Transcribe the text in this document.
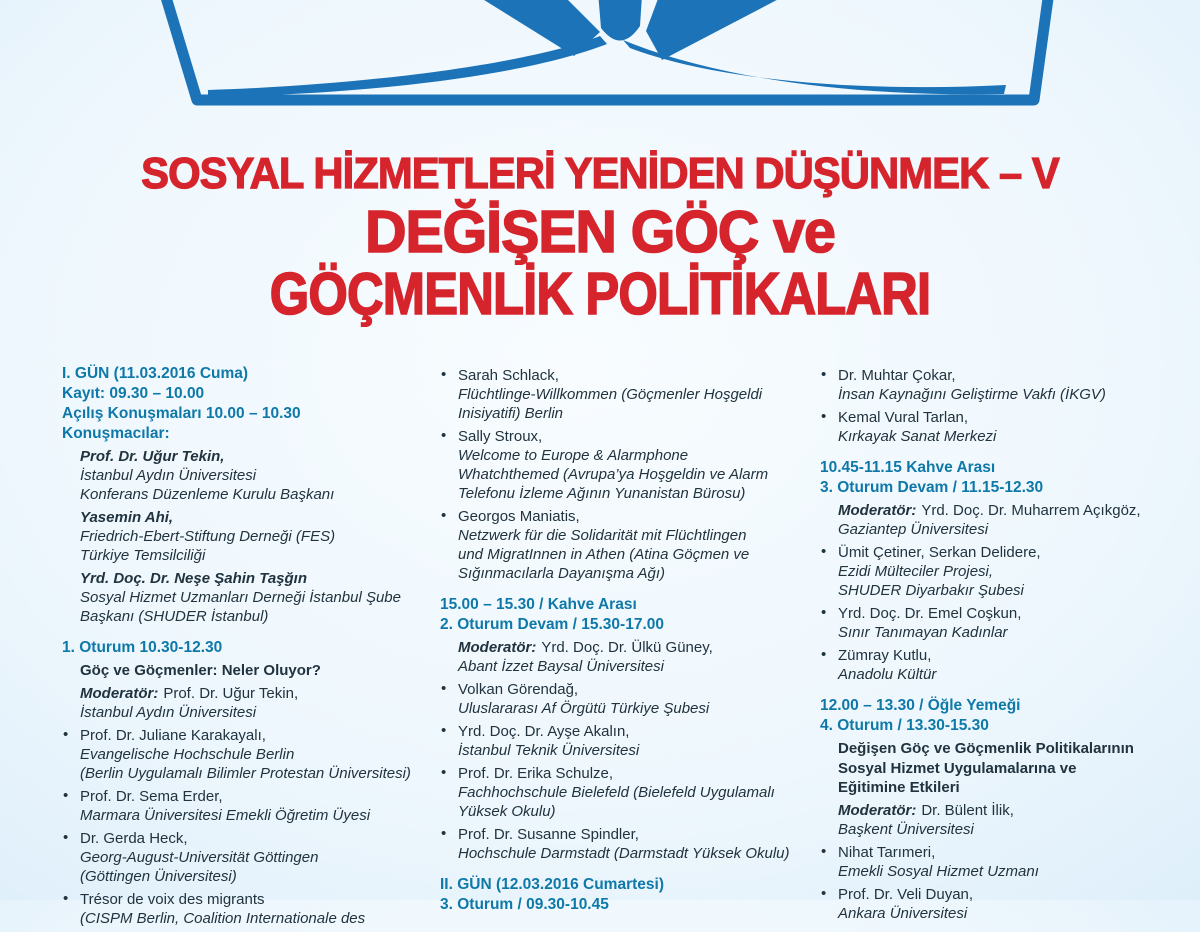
SOSYAL HİZMETLERİ YENİDEN DÜŞÜNMEK – V
DEĞİŞEN GÖÇ ve
GÖÇMENLİK POLİTİKALARI
I. GÜN (11.03.2016 Cuma)
Kayıt: 09.30 – 10.00
Açılış Konuşmaları 10.00 – 10.30
Konuşmacılar:
Prof. Dr. Uğur Tekin,
İstanbul Aydın Üniversitesi
Konferans Düzenleme Kurulu Başkanı
Yasemin Ahi,
Friedrich-Ebert-Stiftung Derneği (FES)
Türkiye Temsilciliği
Yrd. Doç. Dr. Neşe Şahin Taşğın
Sosyal Hizmet Uzmanları Derneği İstanbul Şube
Başkanı (SHUDER İstanbul)
1. Oturum 10.30-12.30
Göç ve Göçmenler: Neler Oluyor?
Moderatör: Prof. Dr. Uğur Tekin,
İstanbul Aydın Üniversitesi
• Prof. Dr. Juliane Karakayalı,
Evangelische Hochschule Berlin
(Berlin Uygulamalı Bilimler Protestan Üniversitesi)
• Prof. Dr. Sema Erder,
Marmara Üniversitesi Emekli Öğretim Üyesi
• Dr. Gerda Heck,
Georg-August-Universität Göttingen
(Göttingen Üniversitesi)
• Trésor de voix des migrants
(CISPM Berlin, Coalition Internationale des
• Sarah Schlack,
Flüchtlinge-Willkommen (Göçmenler Hoşgeldi
Inisiyatifi) Berlin
• Sally Stroux,
Welcome to Europe & Alarmphone
Whatchthemed (Avrupa’ya Hoşgeldin ve Alarm
Telefonu İzleme Ağının Yunanistan Bürosu)
• Georgos Maniatis,
Netzwerk für die Solidarität mit Flüchtlingen
und MigratInnen in Athen (Atina Göçmen ve
Sığınmacılarla Dayanışma Ağı)
15.00 – 15.30 / Kahve Arası
2. Oturum Devam / 15.30-17.00
Moderatör: Yrd. Doç. Dr. Ülkü Güney,
Abant İzzet Baysal Üniversitesi
• Volkan Görendağ,
Uluslararası Af Örgütü Türkiye Şubesi
• Yrd. Doç. Dr. Ayşe Akalın,
İstanbul Teknik Üniversitesi
• Prof. Dr. Erika Schulze,
Fachhochschule Bielefeld (Bielefeld Uygulamalı
Yüksek Okulu)
• Prof. Dr. Susanne Spindler,
Hochschule Darmstadt (Darmstadt Yüksek Okulu)
II. GÜN (12.03.2016 Cumartesi)
3. Oturum / 09.30-10.45
• Dr. Muhtar Çokar,
İnsan Kaynağını Geliştirme Vakfı (İKGV)
• Kemal Vural Tarlan,
Kırkayak Sanat Merkezi
10.45-11.15 Kahve Arası
3. Oturum Devam / 11.15-12.30
Moderatör: Yrd. Doç. Dr. Muharrem Açıkgöz,
Gaziantep Üniversitesi
• Ümit Çetiner, Serkan Delidere,
Ezidi Mülteciler Projesi,
SHUDER Diyarbakır Şubesi
• Yrd. Doç. Dr. Emel Coşkun,
Sınır Tanımayan Kadınlar
• Zümray Kutlu,
Anadolu Kültür
12.00 – 13.30 / Öğle Yemeği
4. Oturum / 13.30-15.30
Değişen Göç ve Göçmenlik Politikalarının
Sosyal Hizmet Uygulamalarına ve
Eğitimine Etkileri
Moderatör: Dr. Bülent İlik,
Başkent Üniversitesi
• Nihat Tarımeri,
Emekli Sosyal Hizmet Uzmanı
• Prof. Dr. Veli Duyan,
Ankara Üniversitesi
